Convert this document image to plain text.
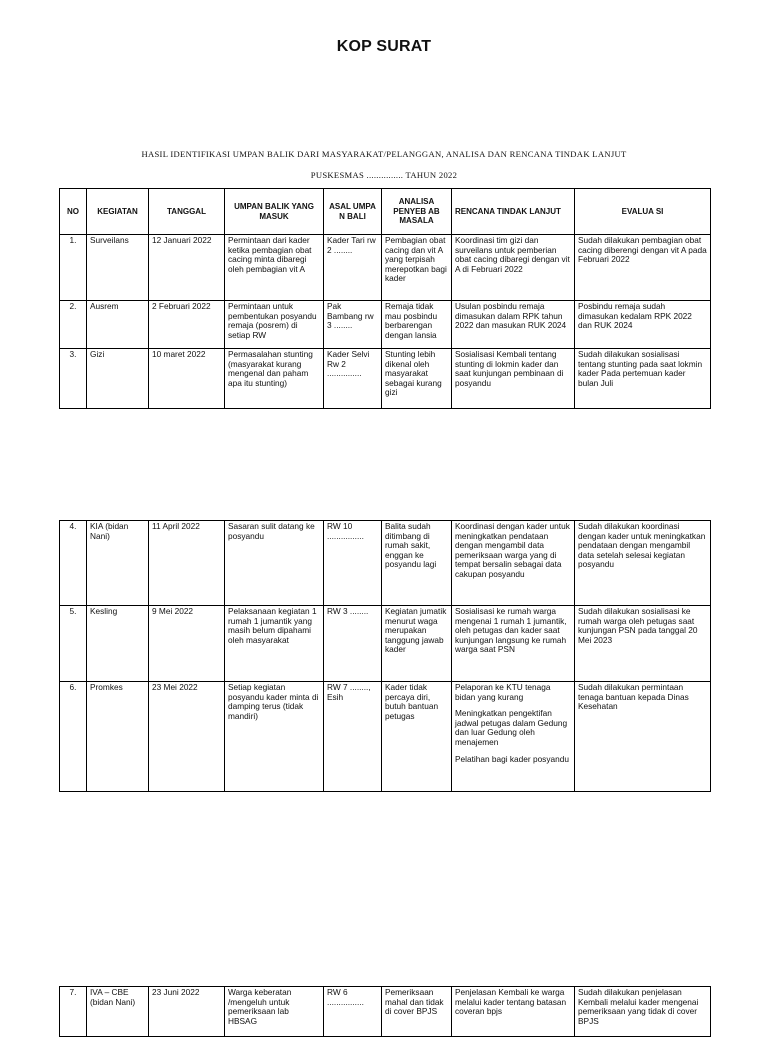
KOP SURAT
HASIL IDENTIFIKASI UMPAN BALIK DARI MASYARAKAT/PELANGGAN, ANALISA DAN RENCANA TINDAK LANJUT
PUSKESMAS ............... TAHUN 2022
NO	KEGIATAN	TANGGAL	UMPAN BALIK YANG MASUK	ASAL UMPA N BALI	ANALISA PENYEB AB MASALA	RENCANA TINDAK LANJUT	EVALUA SI
1.	Surveilans	12 Januari 2022	Permintaan dari kader ketika pembagian obat cacing minta dibaregi oleh pembagian vit A	Kader Tari rw 2 ........	Pembagian obat cacing dan vit A yang terpisah merepotkan bagi kader	Koordinasi tim gizi dan surveilans untuk pemberian obat cacing dibaregi dengan vit A di Februari 2022	Sudah dilakukan pembagian obat cacing diberengi dengan vit A pada Februari 2022
2.	Ausrem	2 Februari 2022	Permintaan untuk pembentukan posyandu remaja (posrem) di setiap RW	Pak Bambang rw 3 ........	Remaja tidak mau posbindu berbarengan dengan lansia	Usulan posbindu remaja dimasukan dalam RPK tahun 2022 dan masukan RUK 2024	Posbindu remaja sudah dimasukan kedalam RPK 2022 dan RUK 2024
3.	Gizi	10 maret 2022	Permasalahan stunting (masyarakat kurang mengenal dan paham apa itu stunting)	Kader Selvi Rw 2 ...............	Stunting lebih dikenal oleh masyarakat sebagai kurang gizi	Sosialisasi Kembali tentang stunting di lokmin kader dan saat kunjungan pembinaan di posyandu	Sudah dilakukan sosialisasi tentang stunting pada saat lokmin kader Pada pertemuan kader bulan Juli
4.	KIA (bidan Nani)	11 April 2022	Sasaran sulit datang ke posyandu	RW 10 ................	Balita sudah ditimbang di rumah sakit, enggan ke posyandu lagi	Koordinasi dengan kader untuk meningkatkan pendataan dengan mengambil data pemeriksaan warga yang di tempat bersalin sebagai data cakupan posyandu	Sudah dilakukan koordinasi dengan kader untuk meningkatkan pendataan dengan mengambil data setelah selesai kegiatan posyandu
5.	Kesling	9 Mei 2022	Pelaksanaan kegiatan 1 rumah 1 jumantik yang masih belum dipahami oleh masyarakat	RW 3 ........	Kegiatan jumatik menurut waga merupakan tanggung jawab kader	Sosialisasi ke rumah warga mengenai 1 rumah 1 jumantik, oleh petugas dan kader saat kunjungan langsung ke rumah warga saat PSN	Sudah dilakukan sosialisasi ke rumah warga oleh petugas saat kunjungan PSN pada tanggal 20 Mei 2023
6.	Promkes	23 Mei 2022	Setiap kegiatan posyandu kader minta di damping terus (tidak mandiri)	RW 7 ........, Esih	Kader tidak percaya diri, butuh bantuan petugas	Pelaporan ke KTU tenaga bidan yang kurang
Meningkatkan pengektifan jadwal petugas dalam Gedung dan luar Gedung oleh menajemen
Pelatihan bagi kader posyandu	Sudah dilakukan permintaan tenaga bantuan kepada Dinas Kesehatan
7.	IVA – CBE (bidan Nani)	23 Juni 2022	Warga keberatan /mengeluh untuk pemeriksaan lab HBSAG	RW 6 ................	Pemeriksaan mahal dan tidak di cover BPJS	Penjelasan Kembali ke warga melalui kader tentang batasan coveran bpjs	Sudah dilakukan penjelasan Kembali melalui kader mengenai pemeriksaan yang tidak di cover BPJS
